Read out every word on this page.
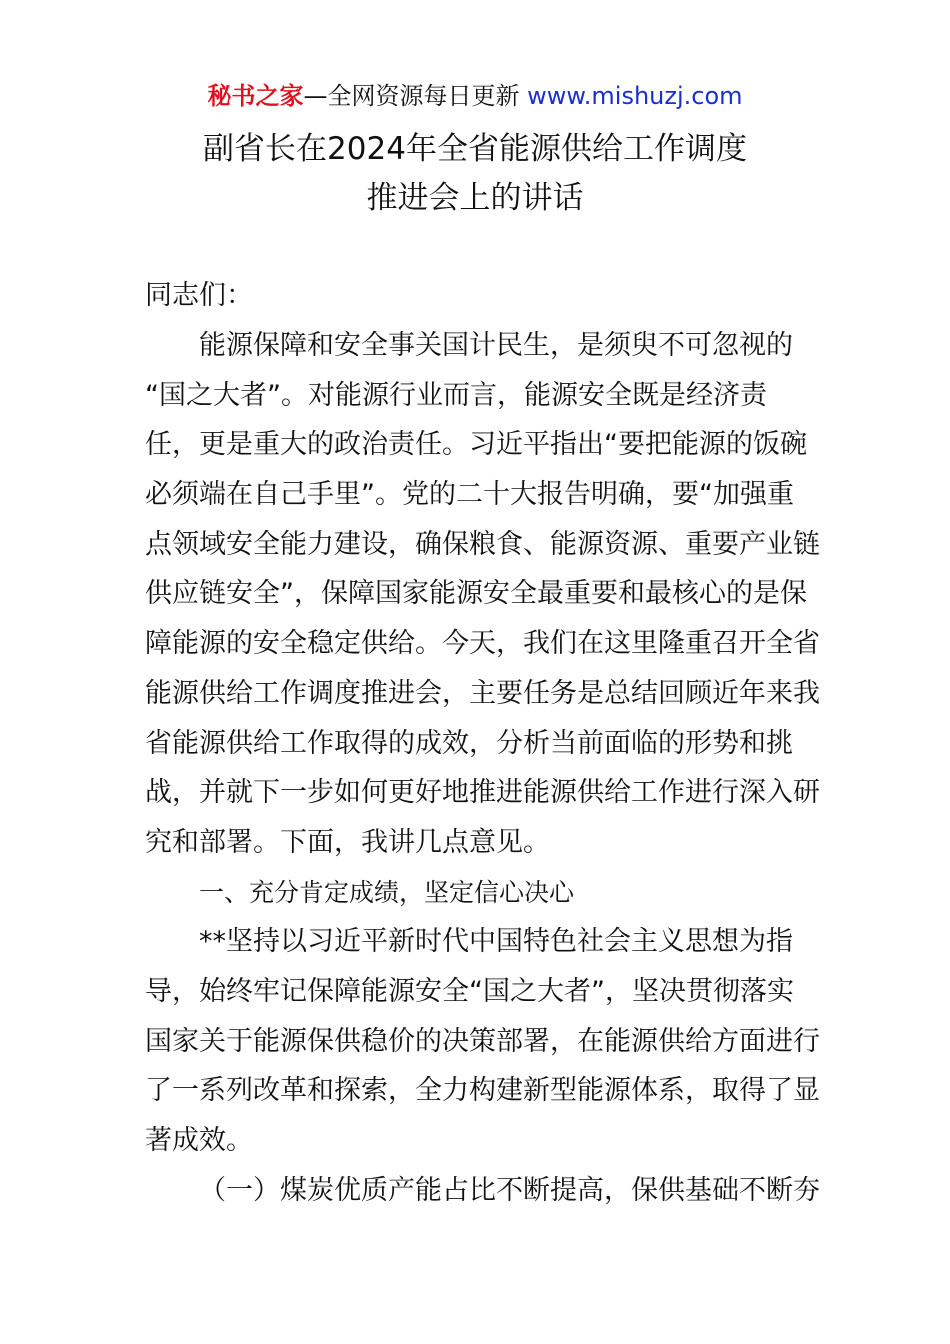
秘书之家—全网资源每日更新 www.mishuzj.com
副省长在2024年全省能源供给工作调度
推进会上的讲话
同志们：
能源保障和安全事关国计民生，是须臾不可忽视的
“国之大者”。对能源行业而言，能源安全既是经济责
任，更是重大的政治责任。习近平指出“要把能源的饭碗
必须端在自己手里”。党的二十大报告明确，要“加强重
点领域安全能力建设，确保粮食、能源资源、重要产业链
供应链安全”，保障国家能源安全最重要和最核心的是保
障能源的安全稳定供给。今天，我们在这里隆重召开全省
能源供给工作调度推进会，主要任务是总结回顾近年来我
省能源供给工作取得的成效，分析当前面临的形势和挑
战，并就下一步如何更好地推进能源供给工作进行深入研
究和部署。下面，我讲几点意见。
一、充分肯定成绩，坚定信心决心
**坚持以习近平新时代中国特色社会主义思想为指
导，始终牢记保障能源安全“国之大者”，坚决贯彻落实
国家关于能源保供稳价的决策部署，在能源供给方面进行
了一系列改革和探索，全力构建新型能源体系，取得了显
著成效。
（一）煤炭优质产能占比不断提高，保供基础不断夯
